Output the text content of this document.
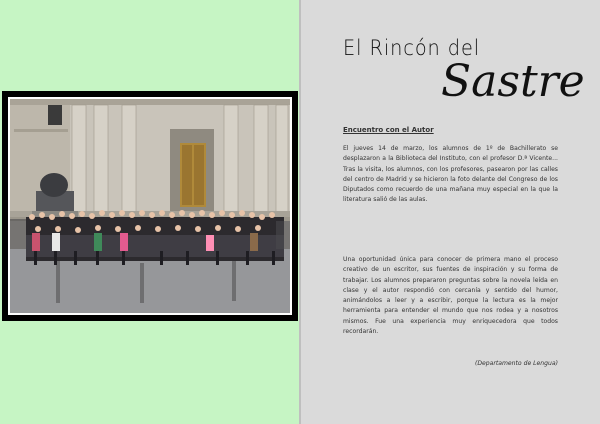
El Rincón del
Sastre
Encuentro con el Autor
El jueves 14 de marzo, los alumnos de 1º de Bachillerato se desplazaron a la Biblioteca del Instituto, con el profesor D.ª Vicente... Tras la visita, los alumnos, con los profesores, pasearon por las calles del centro de Madrid y se hicieron la foto delante del Congreso de los Diputados como recuerdo de una mañana muy especial en la que la literatura salió de las aulas.
Una oportunidad única para conocer de primera mano el proceso creativo de un escritor, sus fuentes de inspiración y su forma de trabajar. Los alumnos prepararon preguntas sobre la novela leída en clase y el autor respondió con cercanía y sentido del humor, animándolos a leer y a escribir, porque la lectura es la mejor herramienta para entender el mundo que nos rodea y a nosotros mismos. Fue una experiencia muy enriquecedora que todos recordarán.
(Departamento de Lengua)
